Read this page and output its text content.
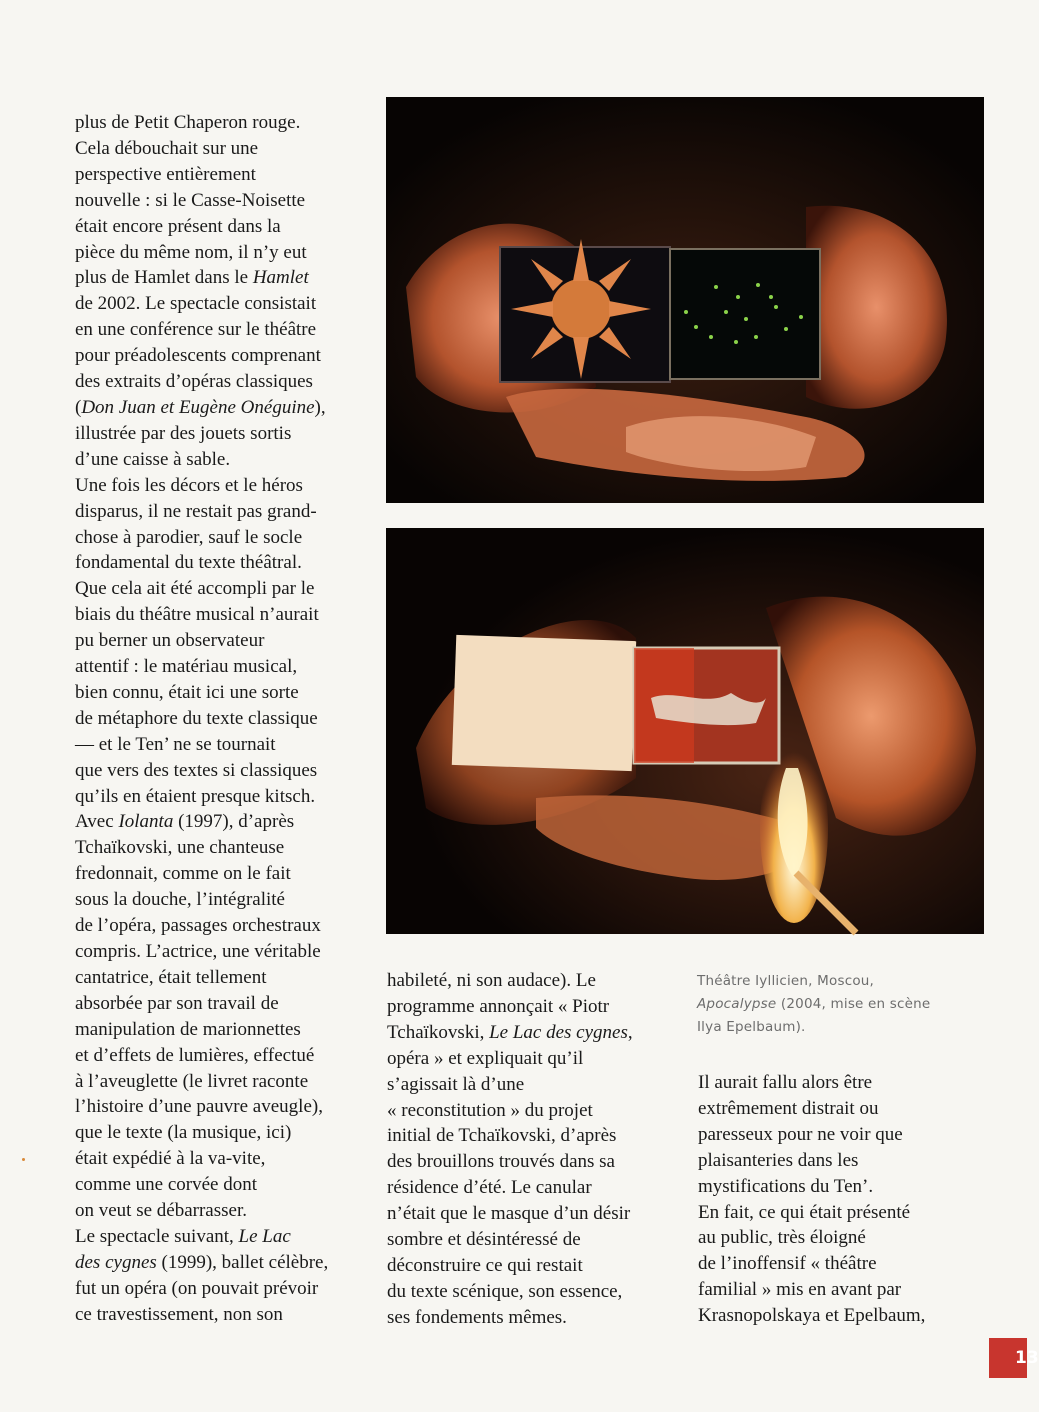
plus de Petit Chaperon rouge.
Cela débouchait sur une
perspective entièrement
nouvelle : si le Casse-Noisette
était encore présent dans la
pièce du même nom, il n’y eut
plus de Hamlet dans le Hamlet
de 2002. Le spectacle consistait
en une conférence sur le théâtre
pour préadolescents comprenant
des extraits d’opéras classiques
(Don Juan et Eugène Onéguine),
illustrée par des jouets sortis
d’une caisse à sable.
Une fois les décors et le héros
disparus, il ne restait pas grand-
chose à parodier, sauf le socle
fondamental du texte théâtral.
Que cela ait été accompli par le
biais du théâtre musical n’aurait
pu berner un observateur
attentif : le matériau musical,
bien connu, était ici une sorte
de métaphore du texte classique
— et le Ten’ ne se tournait
que vers des textes si classiques
qu’ils en étaient presque kitsch.
Avec Iolanta (1997), d’après
Tchaïkovski, une chanteuse
fredonnait, comme on le fait
sous la douche, l’intégralité
de l’opéra, passages orchestraux
compris. L’actrice, une véritable
cantatrice, était tellement
absorbée par son travail de
manipulation de marionnettes
et d’effets de lumières, effectué
à l’aveuglette (le livret raconte
l’histoire d’une pauvre aveugle),
que le texte (la musique, ici)
était expédié à la va-vite,
comme une corvée dont
on veut se débarrasser.
Le spectacle suivant, Le Lac
des cygnes (1999), ballet célèbre,
fut un opéra (on pouvait prévoir
ce travestissement, non son
habileté, ni son audace). Le
programme annonçait « Piotr
Tchaïkovski, Le Lac des cygnes,
opéra » et expliquait qu’il
s’agissait là d’une
« reconstitution » du projet
initial de Tchaïkovski, d’après
des brouillons trouvés dans sa
résidence d’été. Le canular
n’était que le masque d’un désir
sombre et désintéressé de
déconstruire ce qui restait
du texte scénique, son essence,
ses fondements mêmes.
Théâtre Iyllicien, Moscou,
Apocalypse (2004, mise en scène
Ilya Epelbaum).
Il aurait fallu alors être
extrêmement distrait ou
paresseux pour ne voir que
plaisanteries dans les
mystifications du Ten’.
En fait, ce qui était présenté
au public, très éloigné
de l’inoffensif « théâtre
familial » mis en avant par
Krasnopolskaya et Epelbaum,
13
